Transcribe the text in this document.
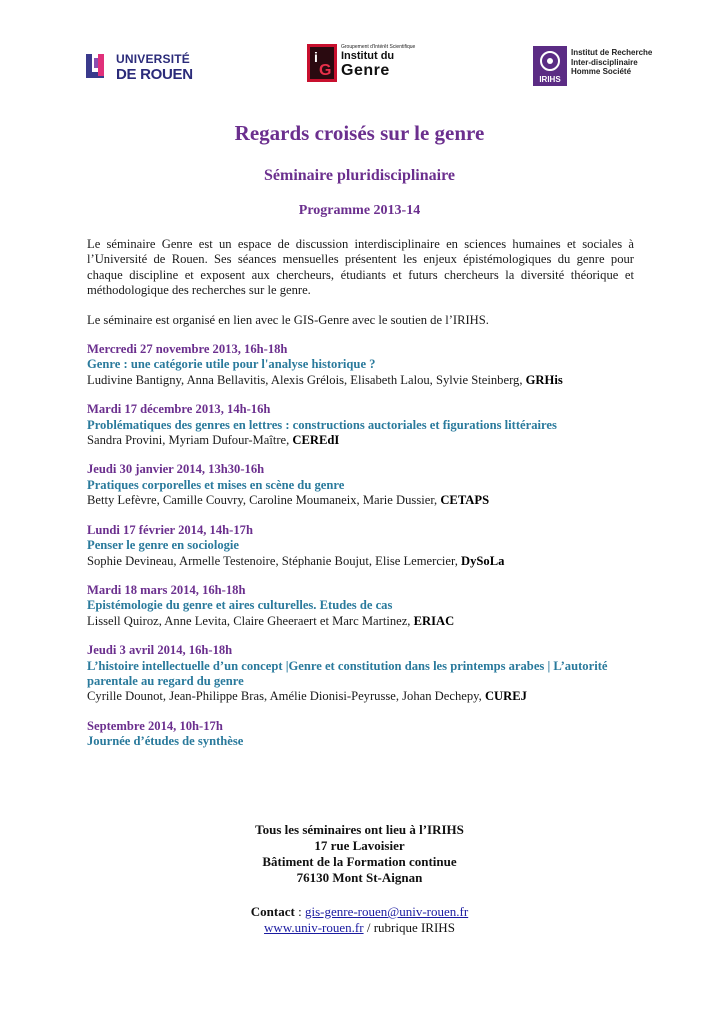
UNIVERSITÉ
DE ROUEN
i
G
Groupement d'Intérêt Scientifique
Institut du
Genre
IRIHS
Institut de Recherche
Inter-disciplinaire
Homme Société
Regards croisés sur le genre
Séminaire pluridisciplinaire
Programme 2013-14

Le séminaire Genre est un espace de discussion interdisciplinaire en sciences humaines et sociales à l’Université de Rouen. Ses séances mensuelles présentent les enjeux épistémologiques du genre pour chaque discipline et exposent aux chercheurs, étudiants et futurs chercheurs la diversité théorique et méthodologique des recherches sur le genre.

Le séminaire est organisé en lien avec le GIS-Genre avec le soutien de l’IRIHS.

Mercredi 27 novembre 2013, 16h-18h
Genre : une catégorie utile pour l'analyse historique ?
Ludivine Bantigny, Anna Bellavitis, Alexis Grélois, Elisabeth Lalou, Sylvie Steinberg, GRHis
Mardi 17 décembre 2013, 14h-16h
Problématiques des genres en lettres : constructions auctoriales et figurations littéraires
Sandra Provini, Myriam Dufour-Maître, CEREdI
Jeudi 30 janvier 2014, 13h30-16h
Pratiques corporelles et mises en scène du genre
Betty Lefèvre, Camille Couvry, Caroline Moumaneix, Marie Dussier, CETAPS
Lundi 17 février 2014, 14h-17h
Penser le genre en sociologie
Sophie Devineau, Armelle Testenoire, Stéphanie Boujut, Elise Lemercier, DySoLa
Mardi 18 mars 2014, 16h-18h
Epistémologie du genre et aires culturelles. Etudes de cas
Lissell Quiroz, Anne Levita, Claire Gheeraert et Marc Martinez, ERIAC
Jeudi 3 avril 2014, 16h-18h
L’histoire intellectuelle d’un concept |Genre et constitution dans les printemps arabes | L’autorité parentale au regard du genre
Cyrille Dounot, Jean-Philippe Bras, Amélie Dionisi-Peyrusse, Johan Dechepy, CUREJ
Septembre 2014, 10h-17h
Journée d’études de synthèse
Tous les séminaires ont lieu à l’IRIHS
17 rue Lavoisier
Bâtiment de la Formation continue
76130 Mont St-Aignan
Contact : gis-genre-rouen@univ-rouen.fr
www.univ-rouen.fr / rubrique IRIHS
